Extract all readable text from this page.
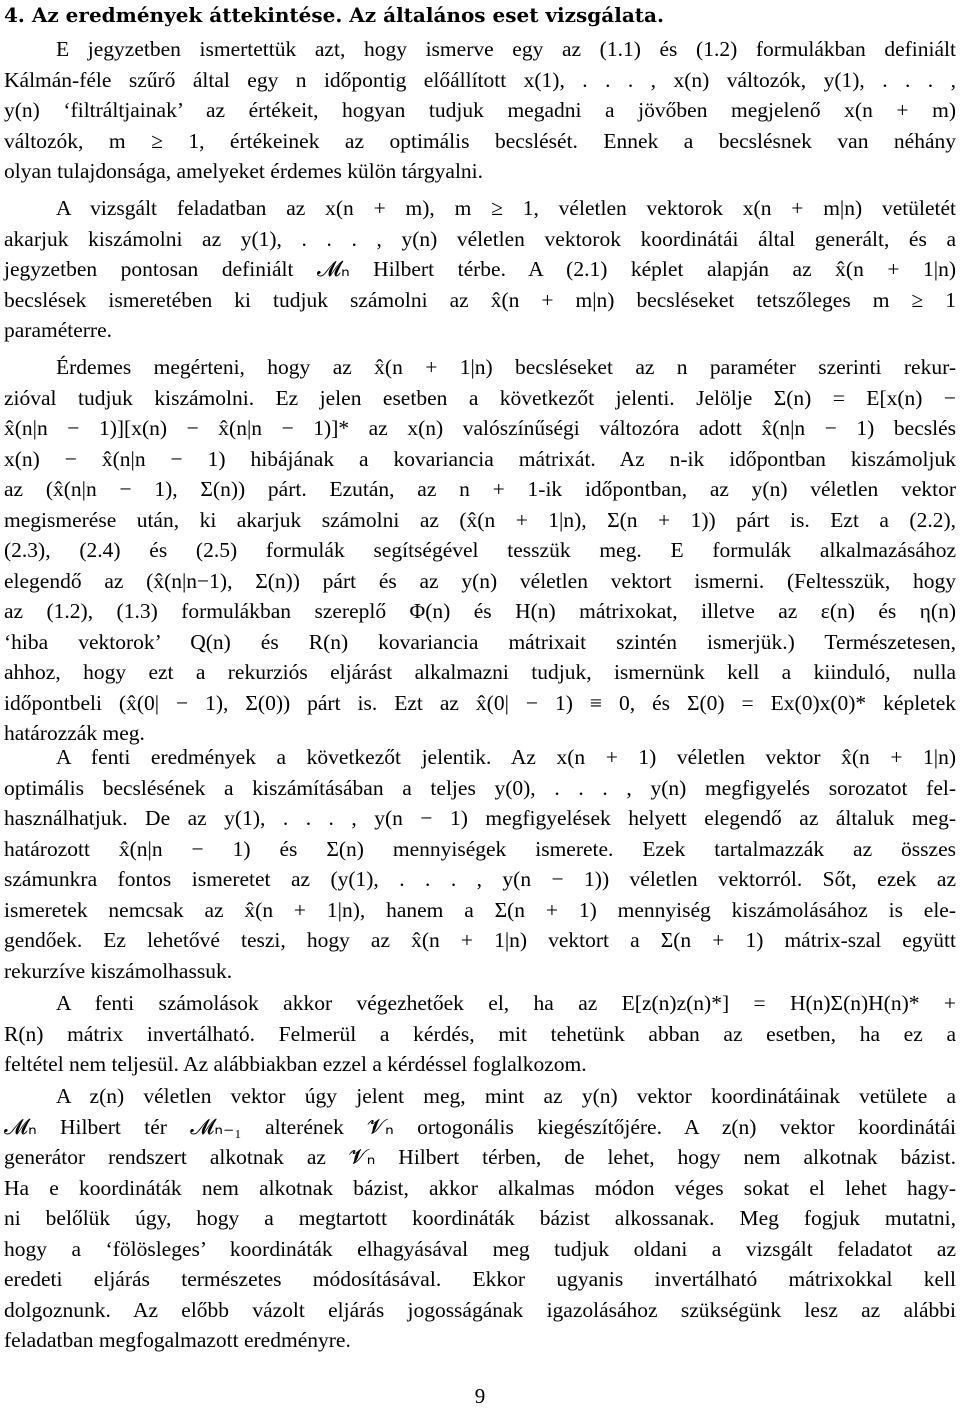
4. Az eredmények áttekintése. Az általános eset vizsgálata.
E jegyzetben ismertettük azt, hogy ismerve egy az (1.1) és (1.2) formulákban definiált
Kálmán-féle szűrő által egy n időpontig előállított x(1), . . . , x(n) változók, y(1), . . . ,
y(n) ‘filtráltjainak’ az értékeit, hogyan tudjuk megadni a jövőben megjelenő x(n + m)
változók, m ≥ 1, értékeinek az optimális becslését. Ennek a becslésnek van néhány
olyan tulajdonsága, amelyeket érdemes külön tárgyalni.
A vizsgált feladatban az x(n + m), m ≥ 1, véletlen vektorok x(n + m|n) vetületét
akarjuk kiszámolni az y(1), . . . , y(n) véletlen vektorok koordinátái által generált, és a
jegyzetben pontosan definiált 𝓜ₙ Hilbert térbe. A (2.1) képlet alapján az x̂(n + 1|n)
becslések ismeretében ki tudjuk számolni az x̂(n + m|n) becsléseket tetszőleges m ≥ 1
paraméterre.
Érdemes megérteni, hogy az x̂(n + 1|n) becsléseket az n paraméter szerinti rekur-
zióval tudjuk kiszámolni. Ez jelen esetben a következőt jelenti. Jelölje Σ(n) = E[x(n) −
x̂(n|n − 1)][x(n) − x̂(n|n − 1)]* az x(n) valószínűségi változóra adott x̂(n|n − 1) becslés
x(n) − x̂(n|n − 1) hibájának a kovariancia mátrixát. Az n-ik időpontban kiszámoljuk
az (x̂(n|n − 1), Σ(n)) párt. Ezután, az n + 1-ik időpontban, az y(n) véletlen vektor
megismerése után, ki akarjuk számolni az (x̂(n + 1|n), Σ(n + 1)) párt is. Ezt a (2.2),
(2.3), (2.4) és (2.5) formulák segítségével tesszük meg. E formulák alkalmazásához
elegendő az (x̂(n|n−1), Σ(n)) párt és az y(n) véletlen vektort ismerni. (Feltesszük, hogy
az (1.2), (1.3) formulákban szereplő Φ(n) és H(n) mátrixokat, illetve az ε(n) és η(n)
‘hiba vektorok’ Q(n) és R(n) kovariancia mátrixait szintén ismerjük.) Természetesen,
ahhoz, hogy ezt a rekurziós eljárást alkalmazni tudjuk, ismernünk kell a kiinduló, nulla
időpontbeli (x̂(0| − 1), Σ(0)) párt is. Ezt az x̂(0| − 1) ≡ 0, és Σ(0) = Ex(0)x(0)* képletek
határozzák meg.
A fenti eredmények a következőt jelentik. Az x(n + 1) véletlen vektor x̂(n + 1|n)
optimális becslésének a kiszámításában a teljes y(0), . . . , y(n) megfigyelés sorozatot fel-
használhatjuk. De az y(1), . . . , y(n − 1) megfigyelések helyett elegendő az általuk meg-
határozott x̂(n|n − 1) és Σ(n) mennyiségek ismerete. Ezek tartalmazzák az összes
számunkra fontos ismeretet az (y(1), . . . , y(n − 1)) véletlen vektorról. Sőt, ezek az
ismeretek nemcsak az x̂(n + 1|n), hanem a Σ(n + 1) mennyiség kiszámolásához is ele-
gendőek. Ez lehetővé teszi, hogy az x̂(n + 1|n) vektort a Σ(n + 1) mátrix-szal együtt
rekurzíve kiszámolhassuk.
A fenti számolások akkor végezhetőek el, ha az E[z(n)z(n)*] = H(n)Σ(n)H(n)* +
R(n) mátrix invertálható. Felmerül a kérdés, mit tehetünk abban az esetben, ha ez a
feltétel nem teljesül. Az alábbiakban ezzel a kérdéssel foglalkozom.
A z(n) véletlen vektor úgy jelent meg, mint az y(n) vektor koordinátáinak vetülete a
𝓜ₙ Hilbert tér 𝓜ₙ₋₁ alterének 𝓥ₙ ortogonális kiegészítőjére. A z(n) vektor koordinátái
generátor rendszert alkotnak az 𝓥ₙ Hilbert térben, de lehet, hogy nem alkotnak bázist.
Ha e koordináták nem alkotnak bázist, akkor alkalmas módon véges sokat el lehet hagy-
ni belőlük úgy, hogy a megtartott koordináták bázist alkossanak. Meg fogjuk mutatni,
hogy a ‘fölösleges’ koordináták elhagyásával meg tudjuk oldani a vizsgált feladatot az
eredeti eljárás természetes módosításával. Ekkor ugyanis invertálható mátrixokkal kell
dolgoznunk. Az előbb vázolt eljárás jogosságának igazolásához szükségünk lesz az alábbi
feladatban megfogalmazott eredményre.
9
